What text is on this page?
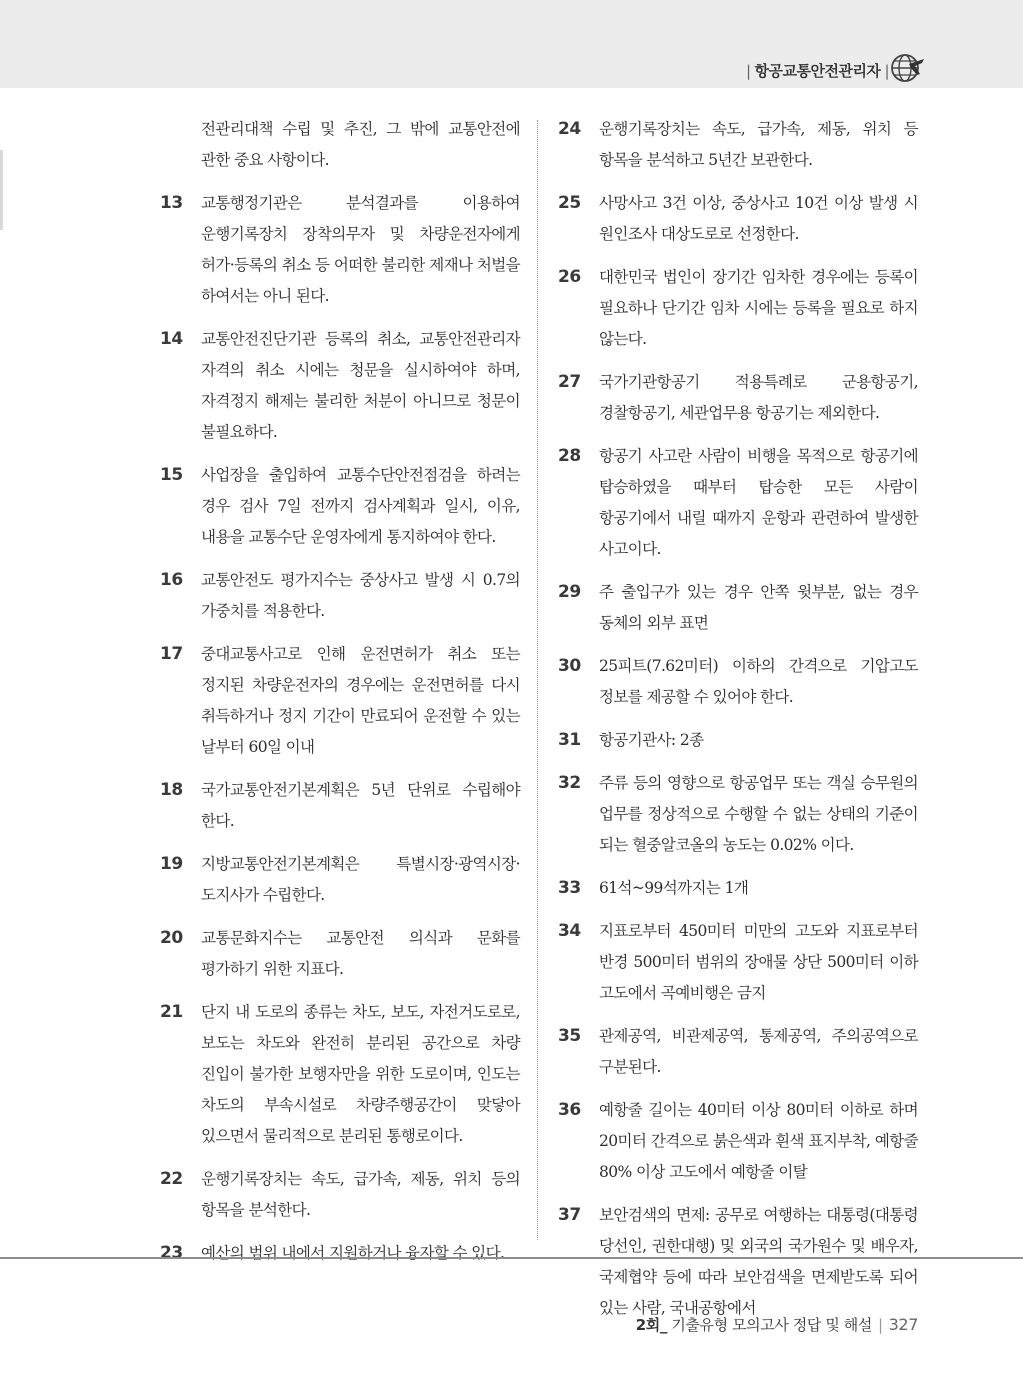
| 항공교통안전관리자 |
전관리대책 수립 및 추진, 그 밖에 교통안전에 관한 중요 사항이다.
13 교통행정기관은 분석결과를 이용하여 운행기록장치 장착의무자 및 차량운전자에게 허가·등록의 취소 등 어떠한 불리한 제재나 처벌을 하여서는 아니 된다.
14 교통안전진단기관 등록의 취소, 교통안전관리자 자격의 취소 시에는 청문을 실시하여야 하며, 자격정지 해제는 불리한 처분이 아니므로 청문이 불필요하다.
15 사업장을 출입하여 교통수단안전점검을 하려는 경우 검사 7일 전까지 검사계획과 일시, 이유, 내용을 교통수단 운영자에게 통지하여야 한다.
16 교통안전도 평가지수는 중상사고 발생 시 0.7의 가중치를 적용한다.
17 중대교통사고로 인해 운전면허가 취소 또는 정지된 차량운전자의 경우에는 운전면허를 다시 취득하거나 정지 기간이 만료되어 운전할 수 있는 날부터 60일 이내
18 국가교통안전기본계획은 5년 단위로 수립해야 한다.
19 지방교통안전기본계획은 특별시장·광역시장·도지사가 수립한다.
20 교통문화지수는 교통안전 의식과 문화를 평가하기 위한 지표다.
21 단지 내 도로의 종류는 차도, 보도, 자전거도로로, 보도는 차도와 완전히 분리된 공간으로 차량 진입이 불가한 보행자만을 위한 도로이며, 인도는 차도의 부속시설로 차량주행공간이 맞닿아 있으면서 물리적으로 분리된 통행로이다.
22 운행기록장치는 속도, 급가속, 제동, 위치 등의 항목을 분석한다.
23 예산의 범위 내에서 지원하거나 융자할 수 있다.
24 운행기록장치는 속도, 급가속, 제동, 위치 등 항목을 분석하고 5년간 보관한다.
25 사망사고 3건 이상, 중상사고 10건 이상 발생 시 원인조사 대상도로로 선정한다.
26 대한민국 법인이 장기간 임차한 경우에는 등록이 필요하나 단기간 임차 시에는 등록을 필요로 하지 않는다.
27 국가기관항공기 적용특례로 군용항공기, 경찰항공기, 세관업무용 항공기는 제외한다.
28 항공기 사고란 사람이 비행을 목적으로 항공기에 탑승하였을 때부터 탑승한 모든 사람이 항공기에서 내릴 때까지 운항과 관련하여 발생한 사고이다.
29 주 출입구가 있는 경우 안쪽 윗부분, 없는 경우 동체의 외부 표면
30 25피트(7.62미터) 이하의 간격으로 기압고도 정보를 제공할 수 있어야 한다.
31 항공기관사: 2종
32 주류 등의 영향으로 항공업무 또는 객실 승무원의 업무를 정상적으로 수행할 수 없는 상태의 기준이 되는 혈중알코올의 농도는 0.02% 이다.
33 61석~99석까지는 1개
34 지표로부터 450미터 미만의 고도와 지표로부터 반경 500미터 범위의 장애물 상단 500미터 이하 고도에서 곡예비행은 금지
35 관제공역, 비관제공역, 통제공역, 주의공역으로 구분된다.
36 예항줄 길이는 40미터 이상 80미터 이하로 하며 20미터 간격으로 붉은색과 흰색 표지부착, 예항줄 80% 이상 고도에서 예항줄 이탈
37 보안검색의 면제: 공무로 여행하는 대통령(대통령 당선인, 권한대행) 및 외국의 국가원수 및 배우자, 국제협약 등에 따라 보안검색을 면제받도록 되어 있는 사람, 국내공항에서
2회_ 기출유형 모의고사 정답 및 해설 | 327
